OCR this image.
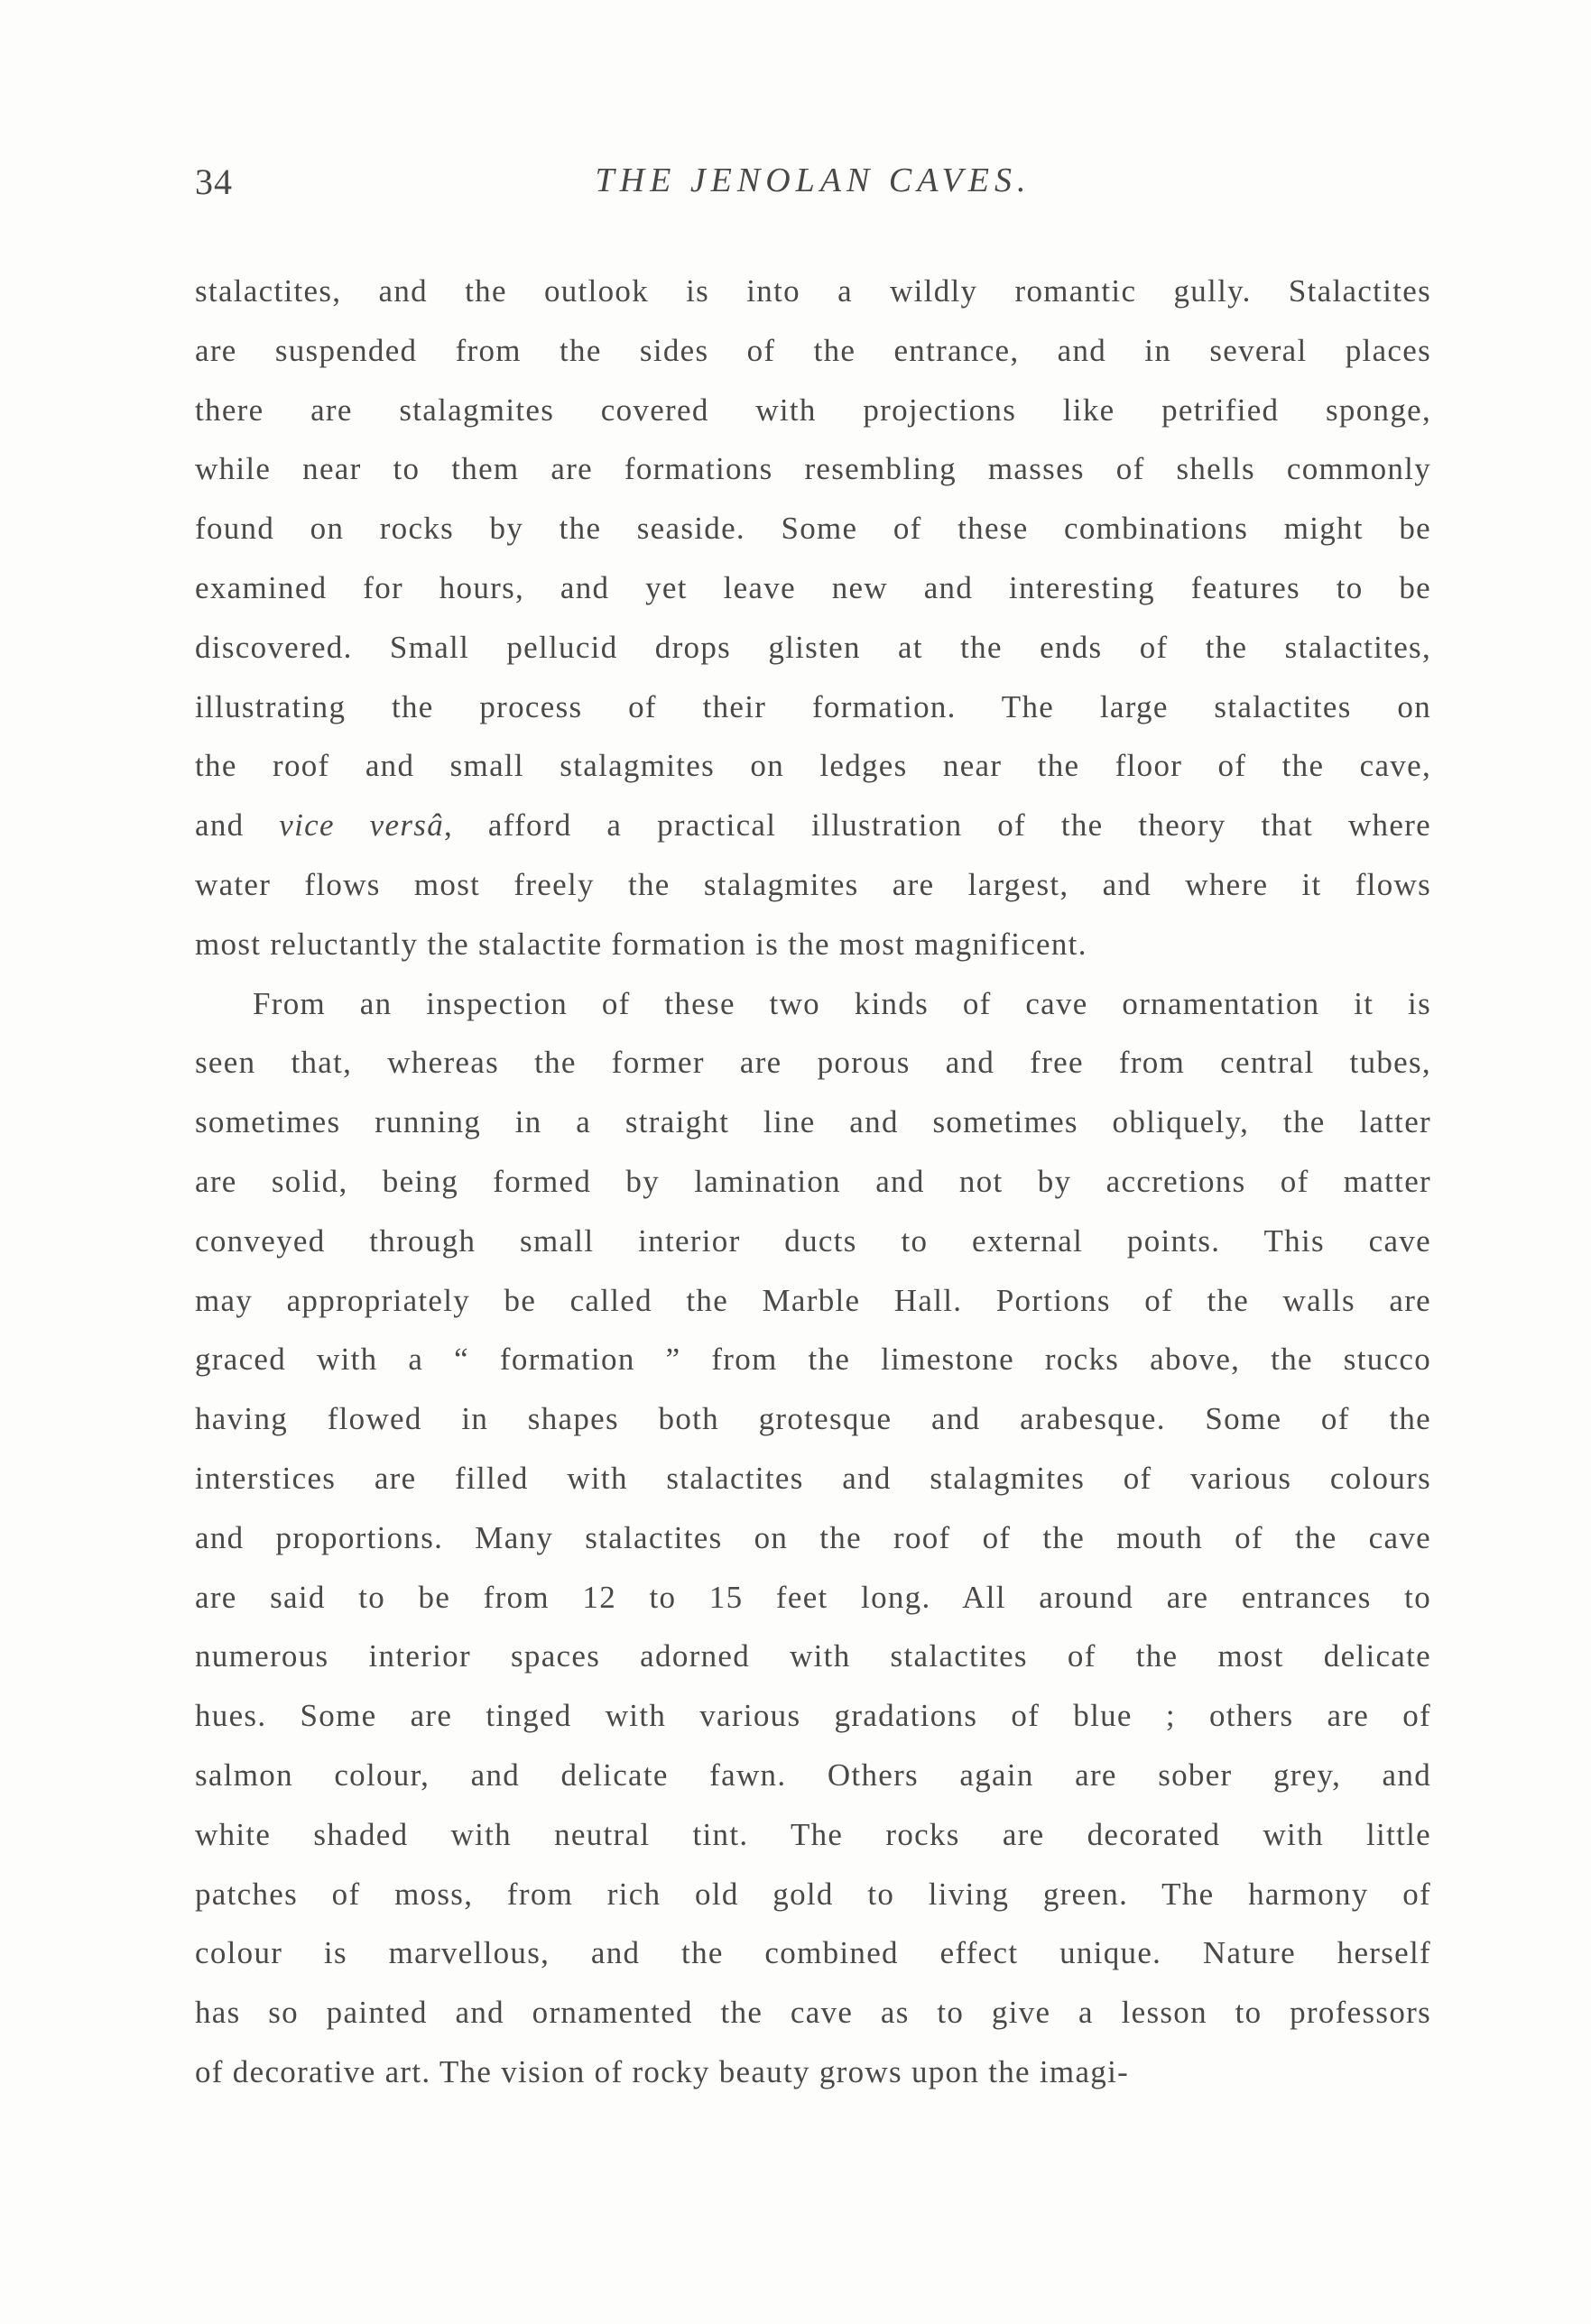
34	THE JENOLAN CAVES.
stalactites, and the outlook is into a wildly romantic gully. Stalactites
are suspended from the sides of the entrance, and in several places
there are stalagmites covered with projections like petrified sponge,
while near to them are formations resembling masses of shells commonly
found on rocks by the seaside. Some of these combinations might be
examined for hours, and yet leave new and interesting features to be
discovered. Small pellucid drops glisten at the ends of the stalactites,
illustrating the process of their formation. The large stalactites on
the roof and small stalagmites on ledges near the floor of the cave,
and vice versâ, afford a practical illustration of the theory that where
water flows most freely the stalagmites are largest, and where it flows
most reluctantly the stalactite formation is the most magnificent.
From an inspection of these two kinds of cave ornamentation it is
seen that, whereas the former are porous and free from central tubes,
sometimes running in a straight line and sometimes obliquely, the latter
are solid, being formed by lamination and not by accretions of matter
conveyed through small interior ducts to external points. This cave
may appropriately be called the Marble Hall. Portions of the walls are
graced with a “ formation ” from the limestone rocks above, the stucco
having flowed in shapes both grotesque and arabesque. Some of the
interstices are filled with stalactites and stalagmites of various colours
and proportions. Many stalactites on the roof of the mouth of the cave
are said to be from 12 to 15 feet long. All around are entrances to
numerous interior spaces adorned with stalactites of the most delicate
hues. Some are tinged with various gradations of blue ; others are of
salmon colour, and delicate fawn. Others again are sober grey, and
white shaded with neutral tint. The rocks are decorated with little
patches of moss, from rich old gold to living green. The harmony of
colour is marvellous, and the combined effect unique. Nature herself
has so painted and ornamented the cave as to give a lesson to professors
of decorative art. The vision of rocky beauty grows upon the imagi-
